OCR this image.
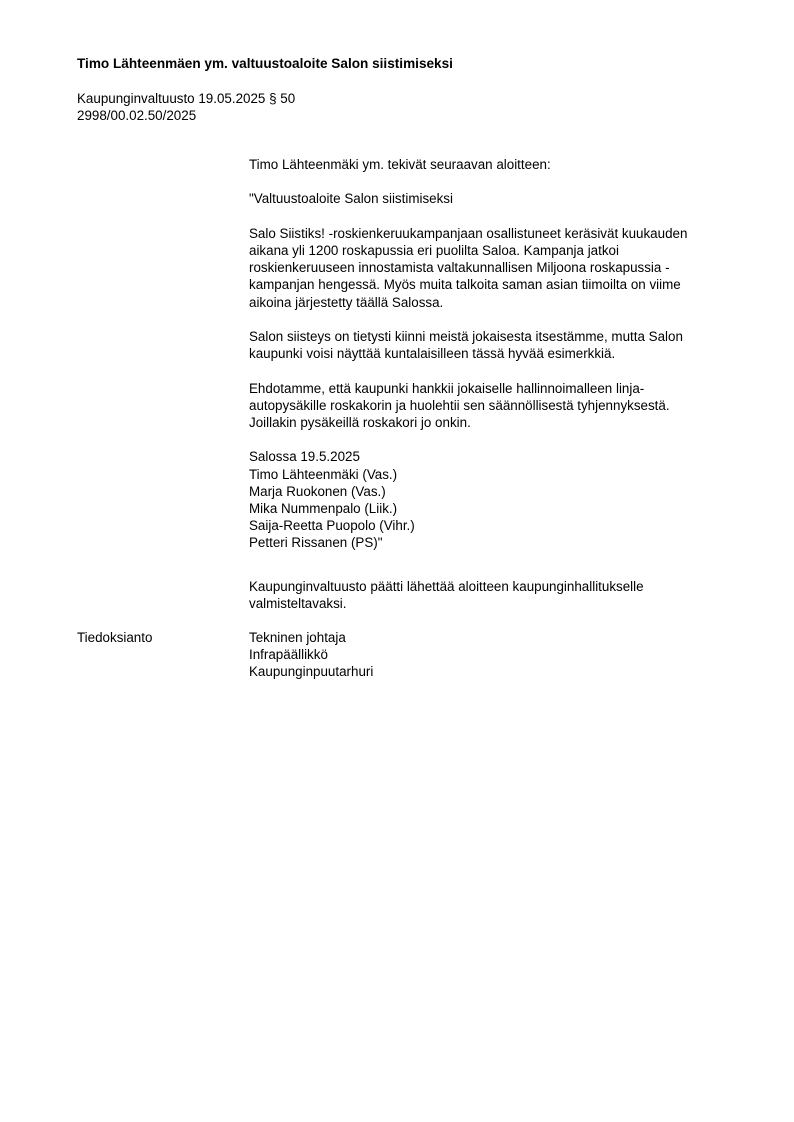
Timo Lähteenmäen ym. valtuustoaloite Salon siistimiseksi
Kaupunginvaltuusto 19.05.2025 § 50
2998/00.02.50/2025

Timo Lähteenmäki ym. tekivät seuraavan aloitteen:

"Valtuustoaloite Salon siistimiseksi

Salo Siistiks! -roskienkeruukampanjaan osallistuneet keräsivät kuukauden
aikana yli 1200 roskapussia eri puolilta Saloa. Kampanja jatkoi
roskienkeruuseen innostamista valtakunnallisen Miljoona roskapussia -
kampanjan hengessä. Myös muita talkoita saman asian tiimoilta on viime
aikoina järjestetty täällä Salossa.

Salon siisteys on tietysti kiinni meistä jokaisesta itsestämme, mutta Salon
kaupunki voisi näyttää kuntalaisilleen tässä hyvää esimerkkiä.

Ehdotamme, että kaupunki hankkii jokaiselle hallinnoimalleen linja-
autopysäkille roskakorin ja huolehtii sen säännöllisestä tyhjennyksestä.
Joillakin pysäkeillä roskakori jo onkin.

Salossa 19.5.2025
Timo Lähteenmäki (Vas.)
Marja Ruokonen (Vas.)
Mika Nummenpalo (Liik.)
Saija-Reetta Puopolo (Vihr.)
Petteri Rissanen (PS)"
Kaupunginvaltuusto päätti lähettää aloitteen kaupunginhallitukselle
valmisteltavaksi.
Tiedoksianto	Tekninen johtaja
Infrapäällikkö
Kaupunginpuutarhuri
